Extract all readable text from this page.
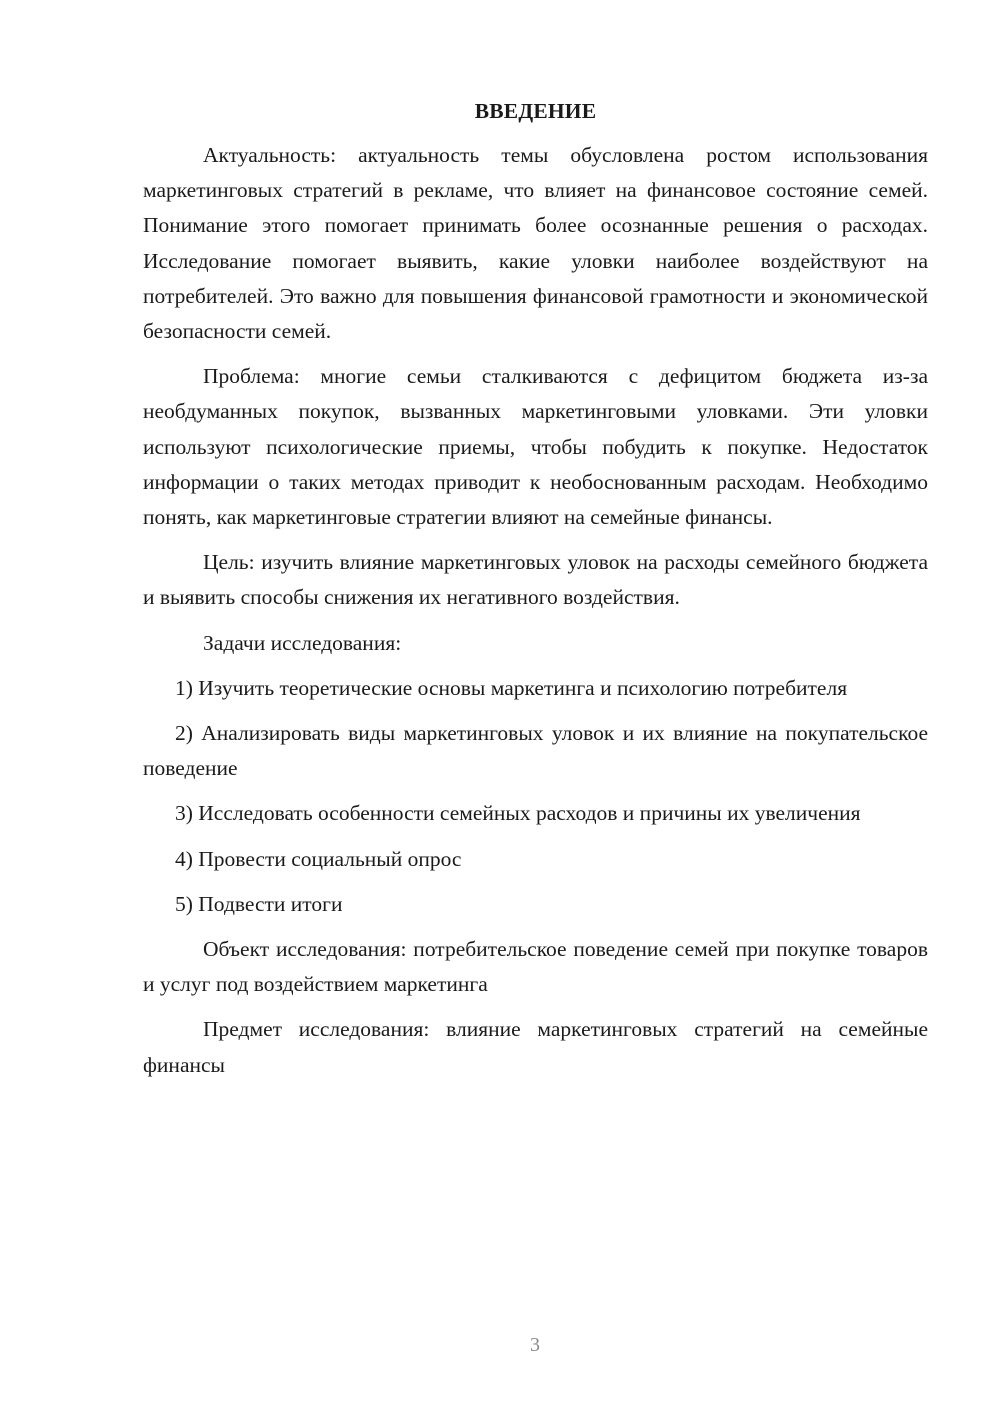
ВВЕДЕНИЕ

Актуальность: актуальность темы обусловлена ростом использования маркетинговых стратегий в рекламе, что влияет на финансовое состояние семей. Понимание этого помогает принимать более осознанные решения о расходах. Исследование помогает выявить, какие уловки наиболее воздействуют на потребителей. Это важно для повышения финансовой грамотности и экономической безопасности семей.

Проблема: многие семьи сталкиваются с дефицитом бюджета из-за необдуманных покупок, вызванных маркетинговыми уловками. Эти уловки используют психологические приемы, чтобы побудить к покупке. Недостаток информации о таких методах приводит к необоснованным расходам. Необходимо понять, как маркетинговые стратегии влияют на семейные финансы.

Цель: изучить влияние маркетинговых уловок на расходы семейного бюджета и выявить способы снижения их негативного воздействия.

Задачи исследования:

1) Изучить теоретические основы маркетинга и психологию потребителя

2) Анализировать виды маркетинговых уловок и их влияние на покупательское поведение

3) Исследовать особенности семейных расходов и причины их увеличения

4) Провести социальный опрос

5) Подвести итоги

Объект исследования: потребительское поведение семей при покупке товаров и услуг под воздействием маркетинга

Предмет исследования: влияние маркетинговых стратегий на семейные финансы

3
